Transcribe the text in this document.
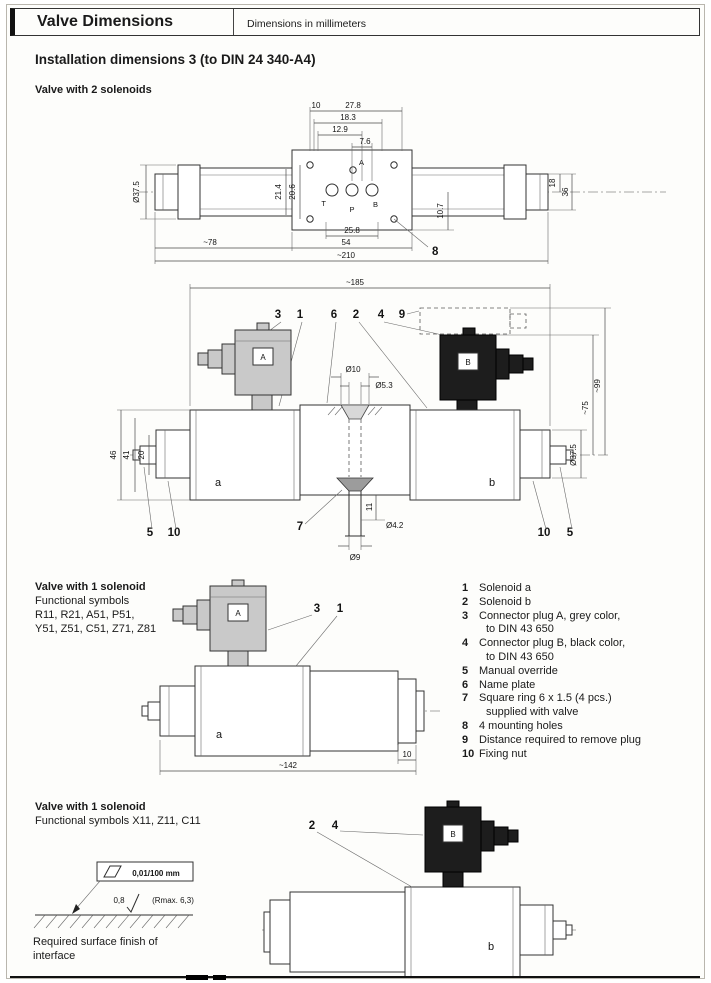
Valve Dimensions	Dimensions in millimeters
Installation dimensions 3 (to DIN 24 340-A4)
Valve with 2 solenoids
A
T
P
B
8
10	27.8
18.3
12.9
7.6
Ø37.5	21.4 20.6
10.7
18
36
25.8
54
~78
~210
~185
3 1 6 2 4 9
A
B
a	b
Ø10
Ø5.3
46 41 20	Ø37.5
~75
~99
11
Ø4.2
Ø9
5 10	7	10 5
Valve with 1 solenoid
Functional symbols
R11, R21, A51, P51,
Y51, Z51, C51, Z71, Z81
a
A	3 1
10
~142
1 Solenoid a
2 Solenoid b
3 Connector plug A, grey color,
to DIN 43 650
4 Connector plug B, black color,
to DIN 43 650
5 Manual override
6 Name plate
7 Square ring 6 x 1.5 (4 pcs.)
supplied with valve
8 4 mounting holes
9 Distance required to remove plug
10 Fixing nut
Valve with 1 solenoid
Functional symbols X11, Z11, C11
0,01/100 mm
0,8	(Rmax. 6,3)
Required surface finish of
interface
b
B
2 4
